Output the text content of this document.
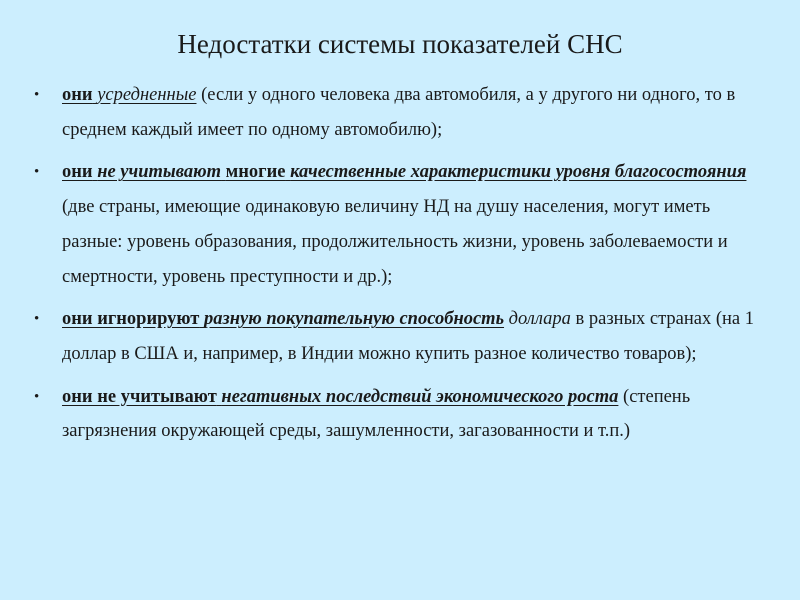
Недостатки системы показателей СНС
• они усредненные (если у одного человека два автомобиля, а у другого ни одного, то в среднем каждый имеет по одному автомобилю);
• они не учитывают многие качественные характеристики уровня благосостояния (две страны, имеющие одинаковую величину НД на душу населения, могут иметь разные: уровень образования, продолжительность жизни, уровень заболеваемости и смертности, уровень преступности и др.);
• они игнорируют разную покупательную способность доллара в разных странах (на 1 доллар в США и, например, в Индии можно купить разное количество товаров);
• они не учитывают негативных последствий экономического роста (степень загрязнения окружающей среды, зашумленности, загазованности и т.п.)
